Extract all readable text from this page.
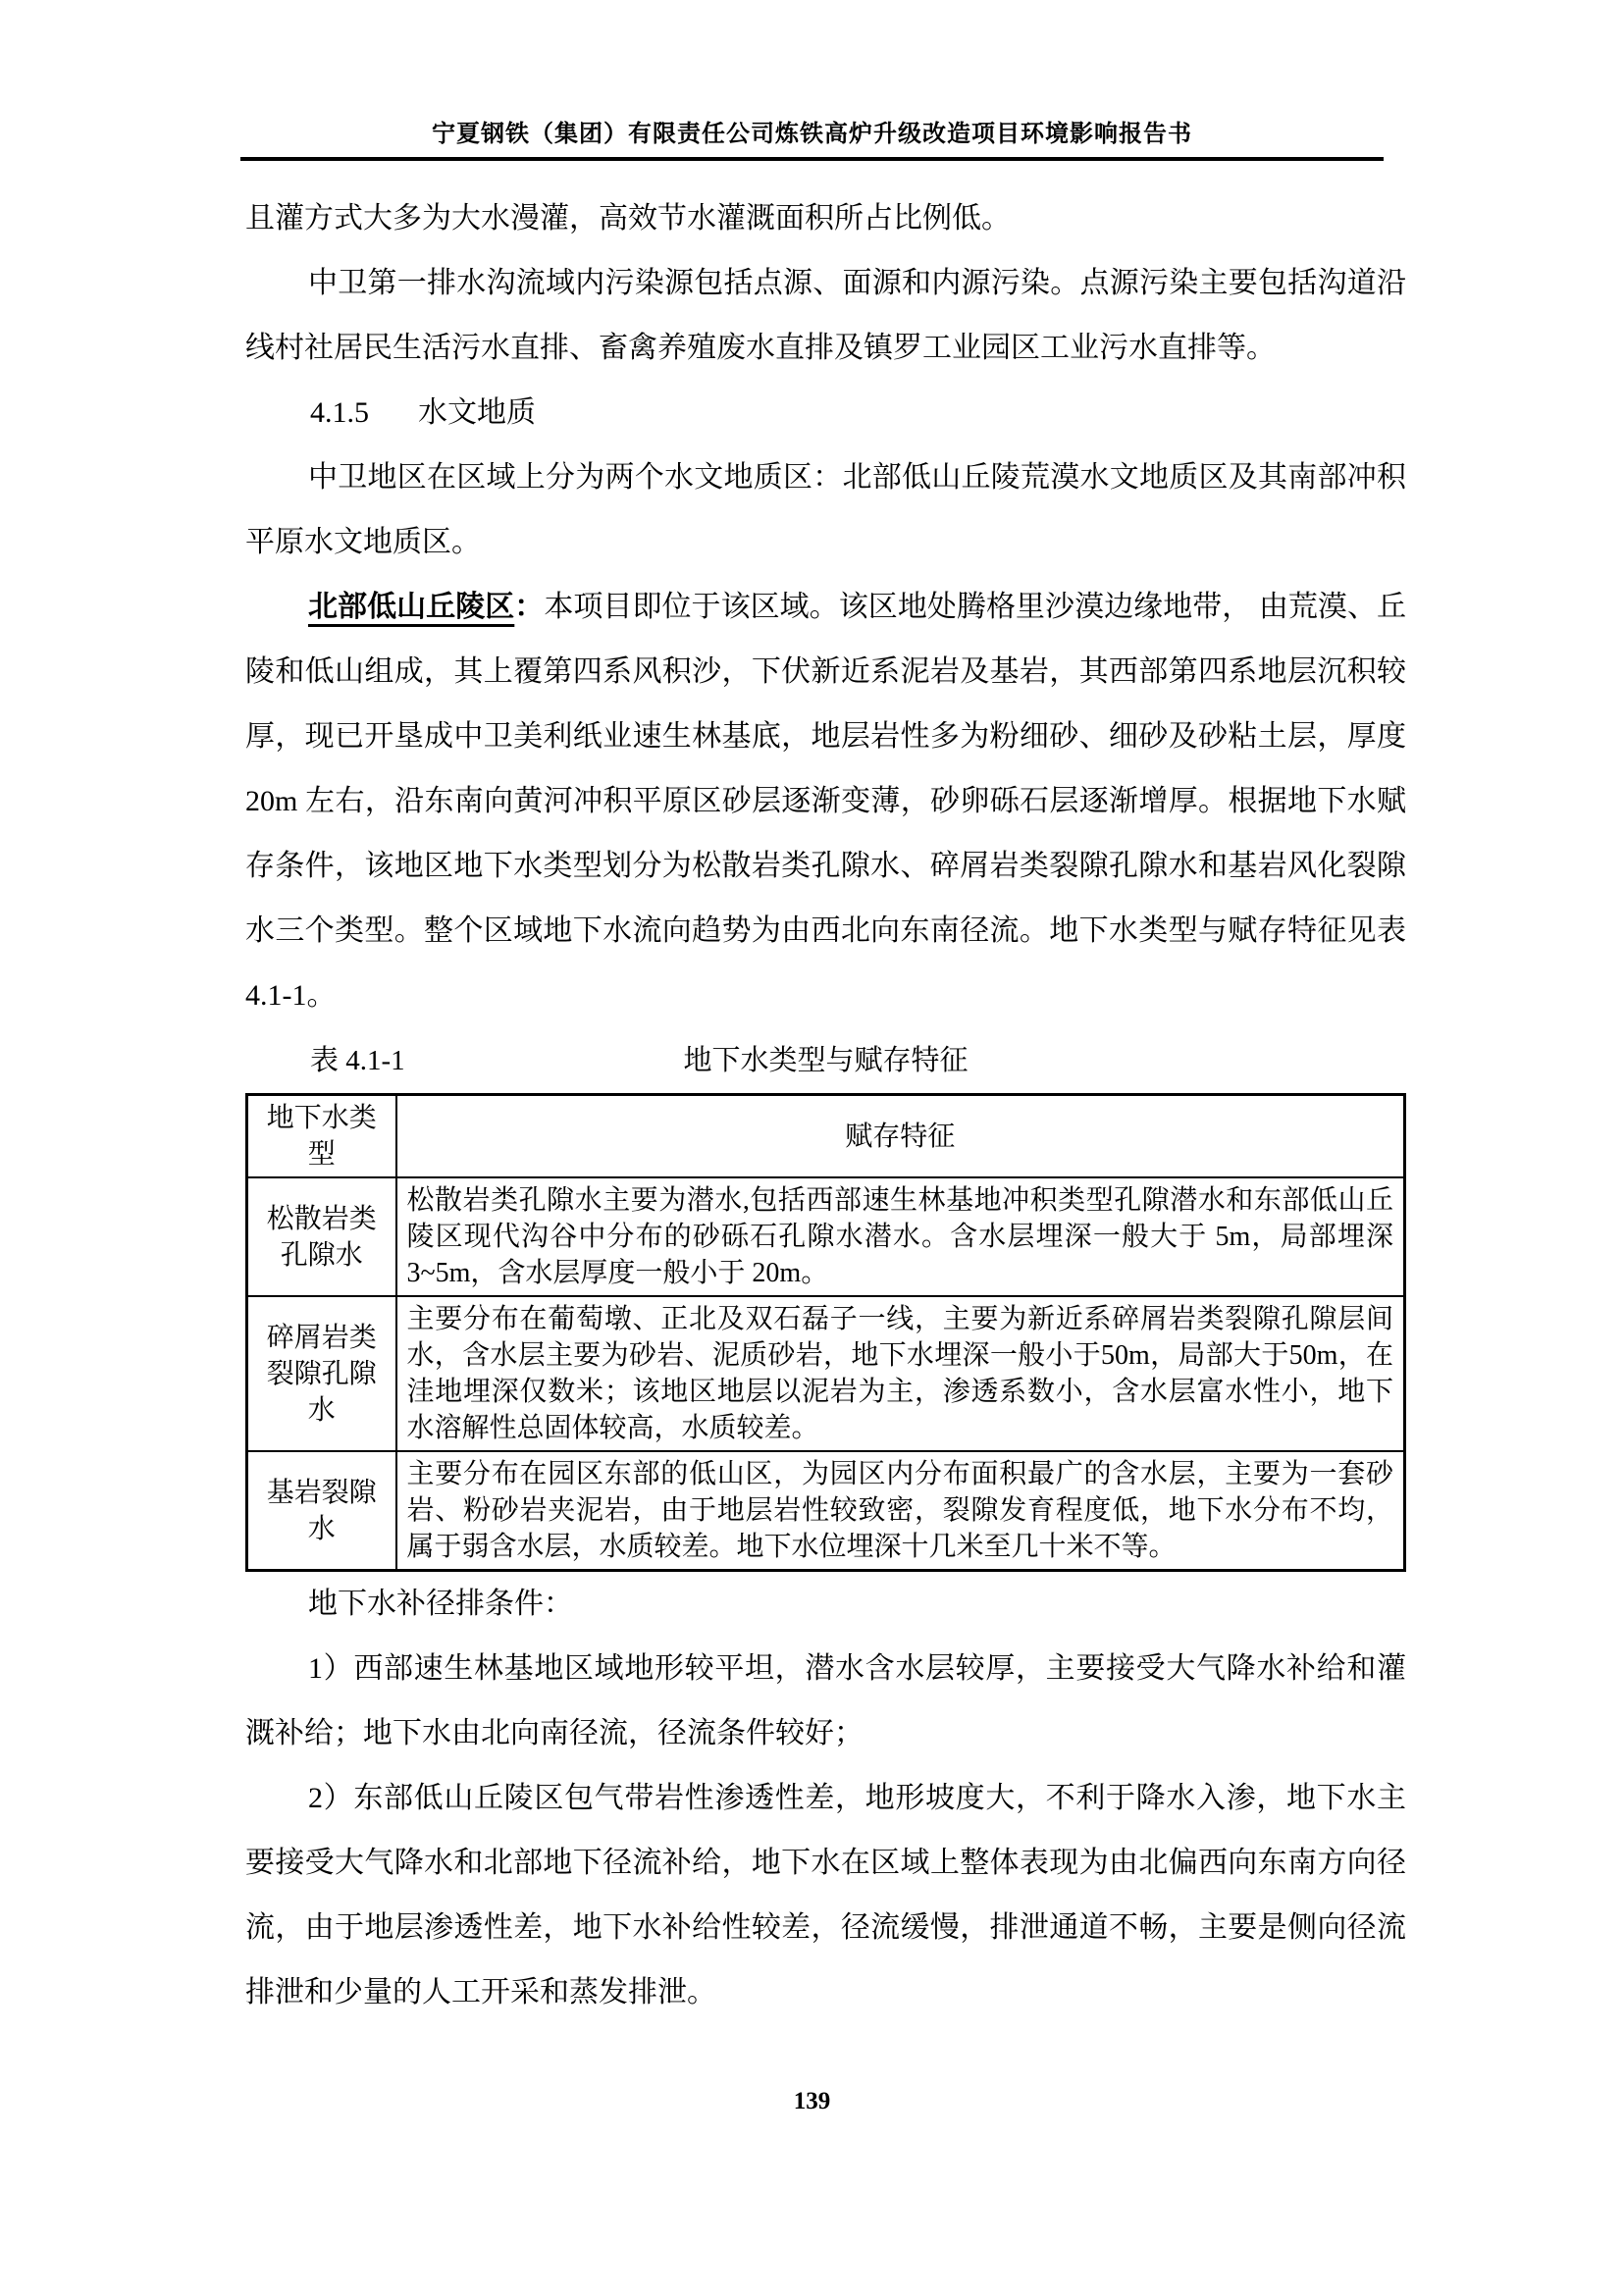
宁夏钢铁（集团）有限责任公司炼铁高炉升级改造项目环境影响报告书

且灌方式大多为大水漫灌，高效节水灌溉面积所占比例低。

中卫第一排水沟流域内污染源包括点源、面源和内源污染。点源污染主要包括沟道沿线村社居民生活污水直排、畜禽养殖废水直排及镇罗工业园区工业污水直排等。

4.1.5 水文地质

中卫地区在区域上分为两个水文地质区：北部低山丘陵荒漠水文地质区及其南部冲积平原水文地质区。

北部低山丘陵区：本项目即位于该区域。该区地处腾格里沙漠边缘地带， 由荒漠、丘陵和低山组成，其上覆第四系风积沙，下伏新近系泥岩及基岩，其西部第四系地层沉积较厚，现已开垦成中卫美利纸业速生林基底，地层岩性多为粉细砂、细砂及砂粘土层，厚度 20m 左右，沿东南向黄河冲积平原区砂层逐渐变薄，砂卵砾石层逐渐增厚。根据地下水赋存条件，该地区地下水类型划分为松散岩类孔隙水、碎屑岩类裂隙孔隙水和基岩风化裂隙水三个类型。整个区域地下水流向趋势为由西北向东南径流。地下水类型与赋存特征见表 4.1-1。

表 4.1-1	地下水类型与赋存特征
地下水类型	赋存特征
松散岩类孔隙水	松散岩类孔隙水主要为潜水,包括西部速生林基地冲积类型孔隙潜水和东部低山丘陵区现代沟谷中分布的砂砾石孔隙水潜水。含水层埋深一般大于 5m，局部埋深 3~5m，含水层厚度一般小于 20m。
碎屑岩类裂隙孔隙水	主要分布在葡萄墩、正北及双石磊子一线，主要为新近系碎屑岩类裂隙孔隙层间水，含水层主要为砂岩、泥质砂岩，地下水埋深一般小于50m，局部大于50m，在洼地埋深仅数米；该地区地层以泥岩为主，渗透系数小，含水层富水性小，地下水溶解性总固体较高，水质较差。
基岩裂隙水	主要分布在园区东部的低山区，为园区内分布面积最广的含水层，主要为一套砂岩、粉砂岩夹泥岩，由于地层岩性较致密，裂隙发育程度低，地下水分布不均，属于弱含水层，水质较差。地下水位埋深十几米至几十米不等。

地下水补径排条件：

1）西部速生林基地区域地形较平坦，潜水含水层较厚，主要接受大气降水补给和灌溉补给；地下水由北向南径流，径流条件较好；

2）东部低山丘陵区包气带岩性渗透性差，地形坡度大，不利于降水入渗，地下水主要接受大气降水和北部地下径流补给，地下水在区域上整体表现为由北偏西向东南方向径流，由于地层渗透性差，地下水补给性较差，径流缓慢，排泄通道不畅，主要是侧向径流排泄和少量的人工开采和蒸发排泄。

139
